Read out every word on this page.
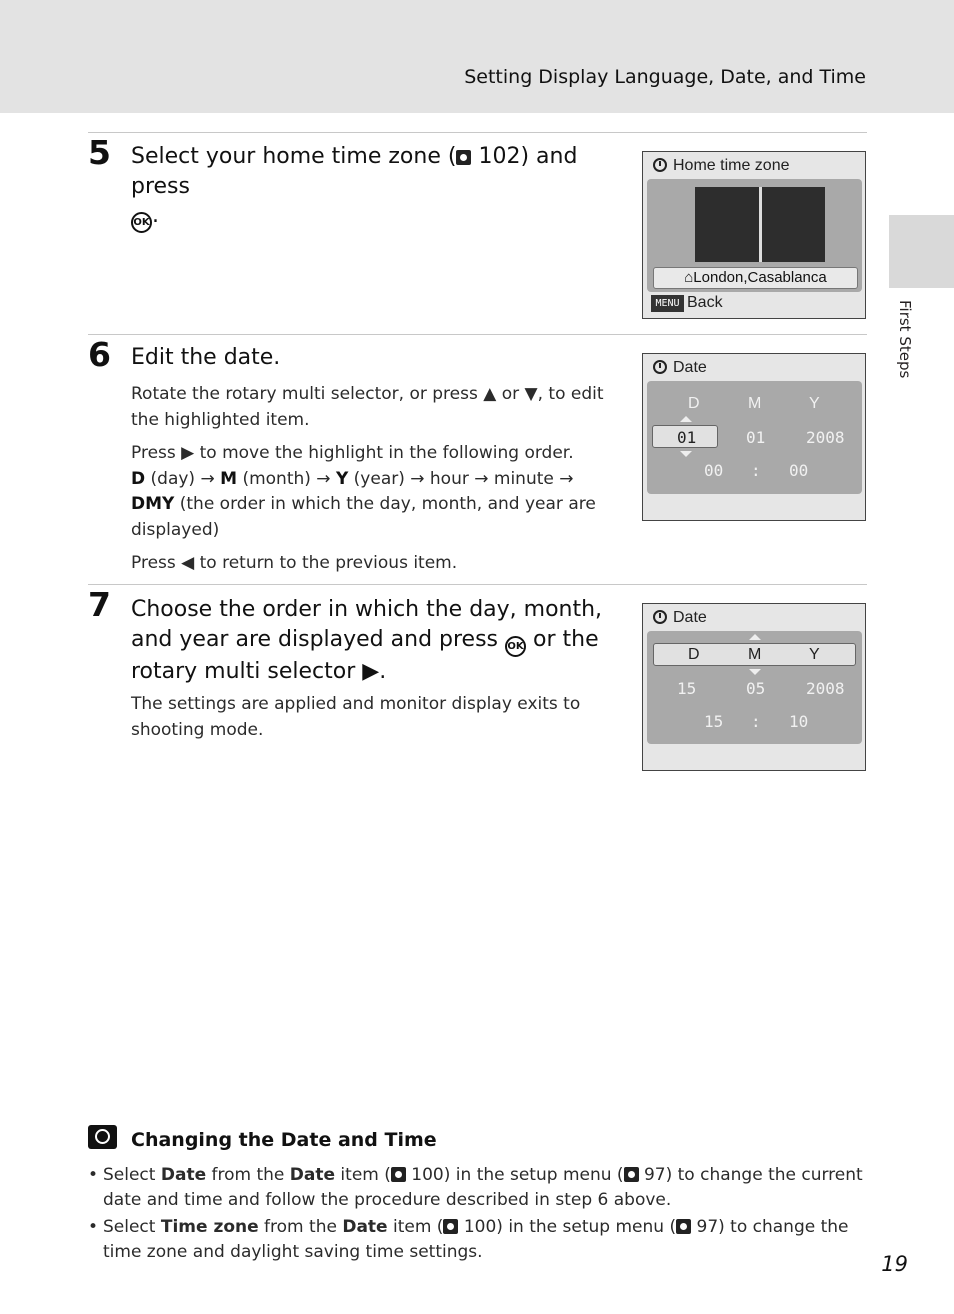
Setting Display Language, Date, and Time
First Steps
5 Select your home time zone ( 102) and press
OK .
Home time zone
⌂London,Casablanca
MENU Back
6 Edit the date.
Rotate the rotary multi selector, or press ▲ or ▼, to edit the highlighted item.
Press ▶ to move the highlight in the following order.
D (day) → M (month) → Y (year) → hour → minute →
DMY (the order in which the day, month, and year are displayed)
Press ◀ to return to the previous item.
Date
D	M	Y
01	01	2008
00 : 00
7 Choose the order in which the day, month, and year are displayed and press OK or the rotary multi selector ▶.
The settings are applied and monitor display exits to shooting mode.
Date
D	M	Y
15	05	2008
15 : 10
Changing the Date and Time
• Select Date from the Date item ( 100) in the setup menu ( 97) to change the current date and time and follow the procedure described in step 6 above.
• Select Time zone from the Date item ( 100) in the setup menu ( 97) to change the time zone and daylight saving time settings.
19
